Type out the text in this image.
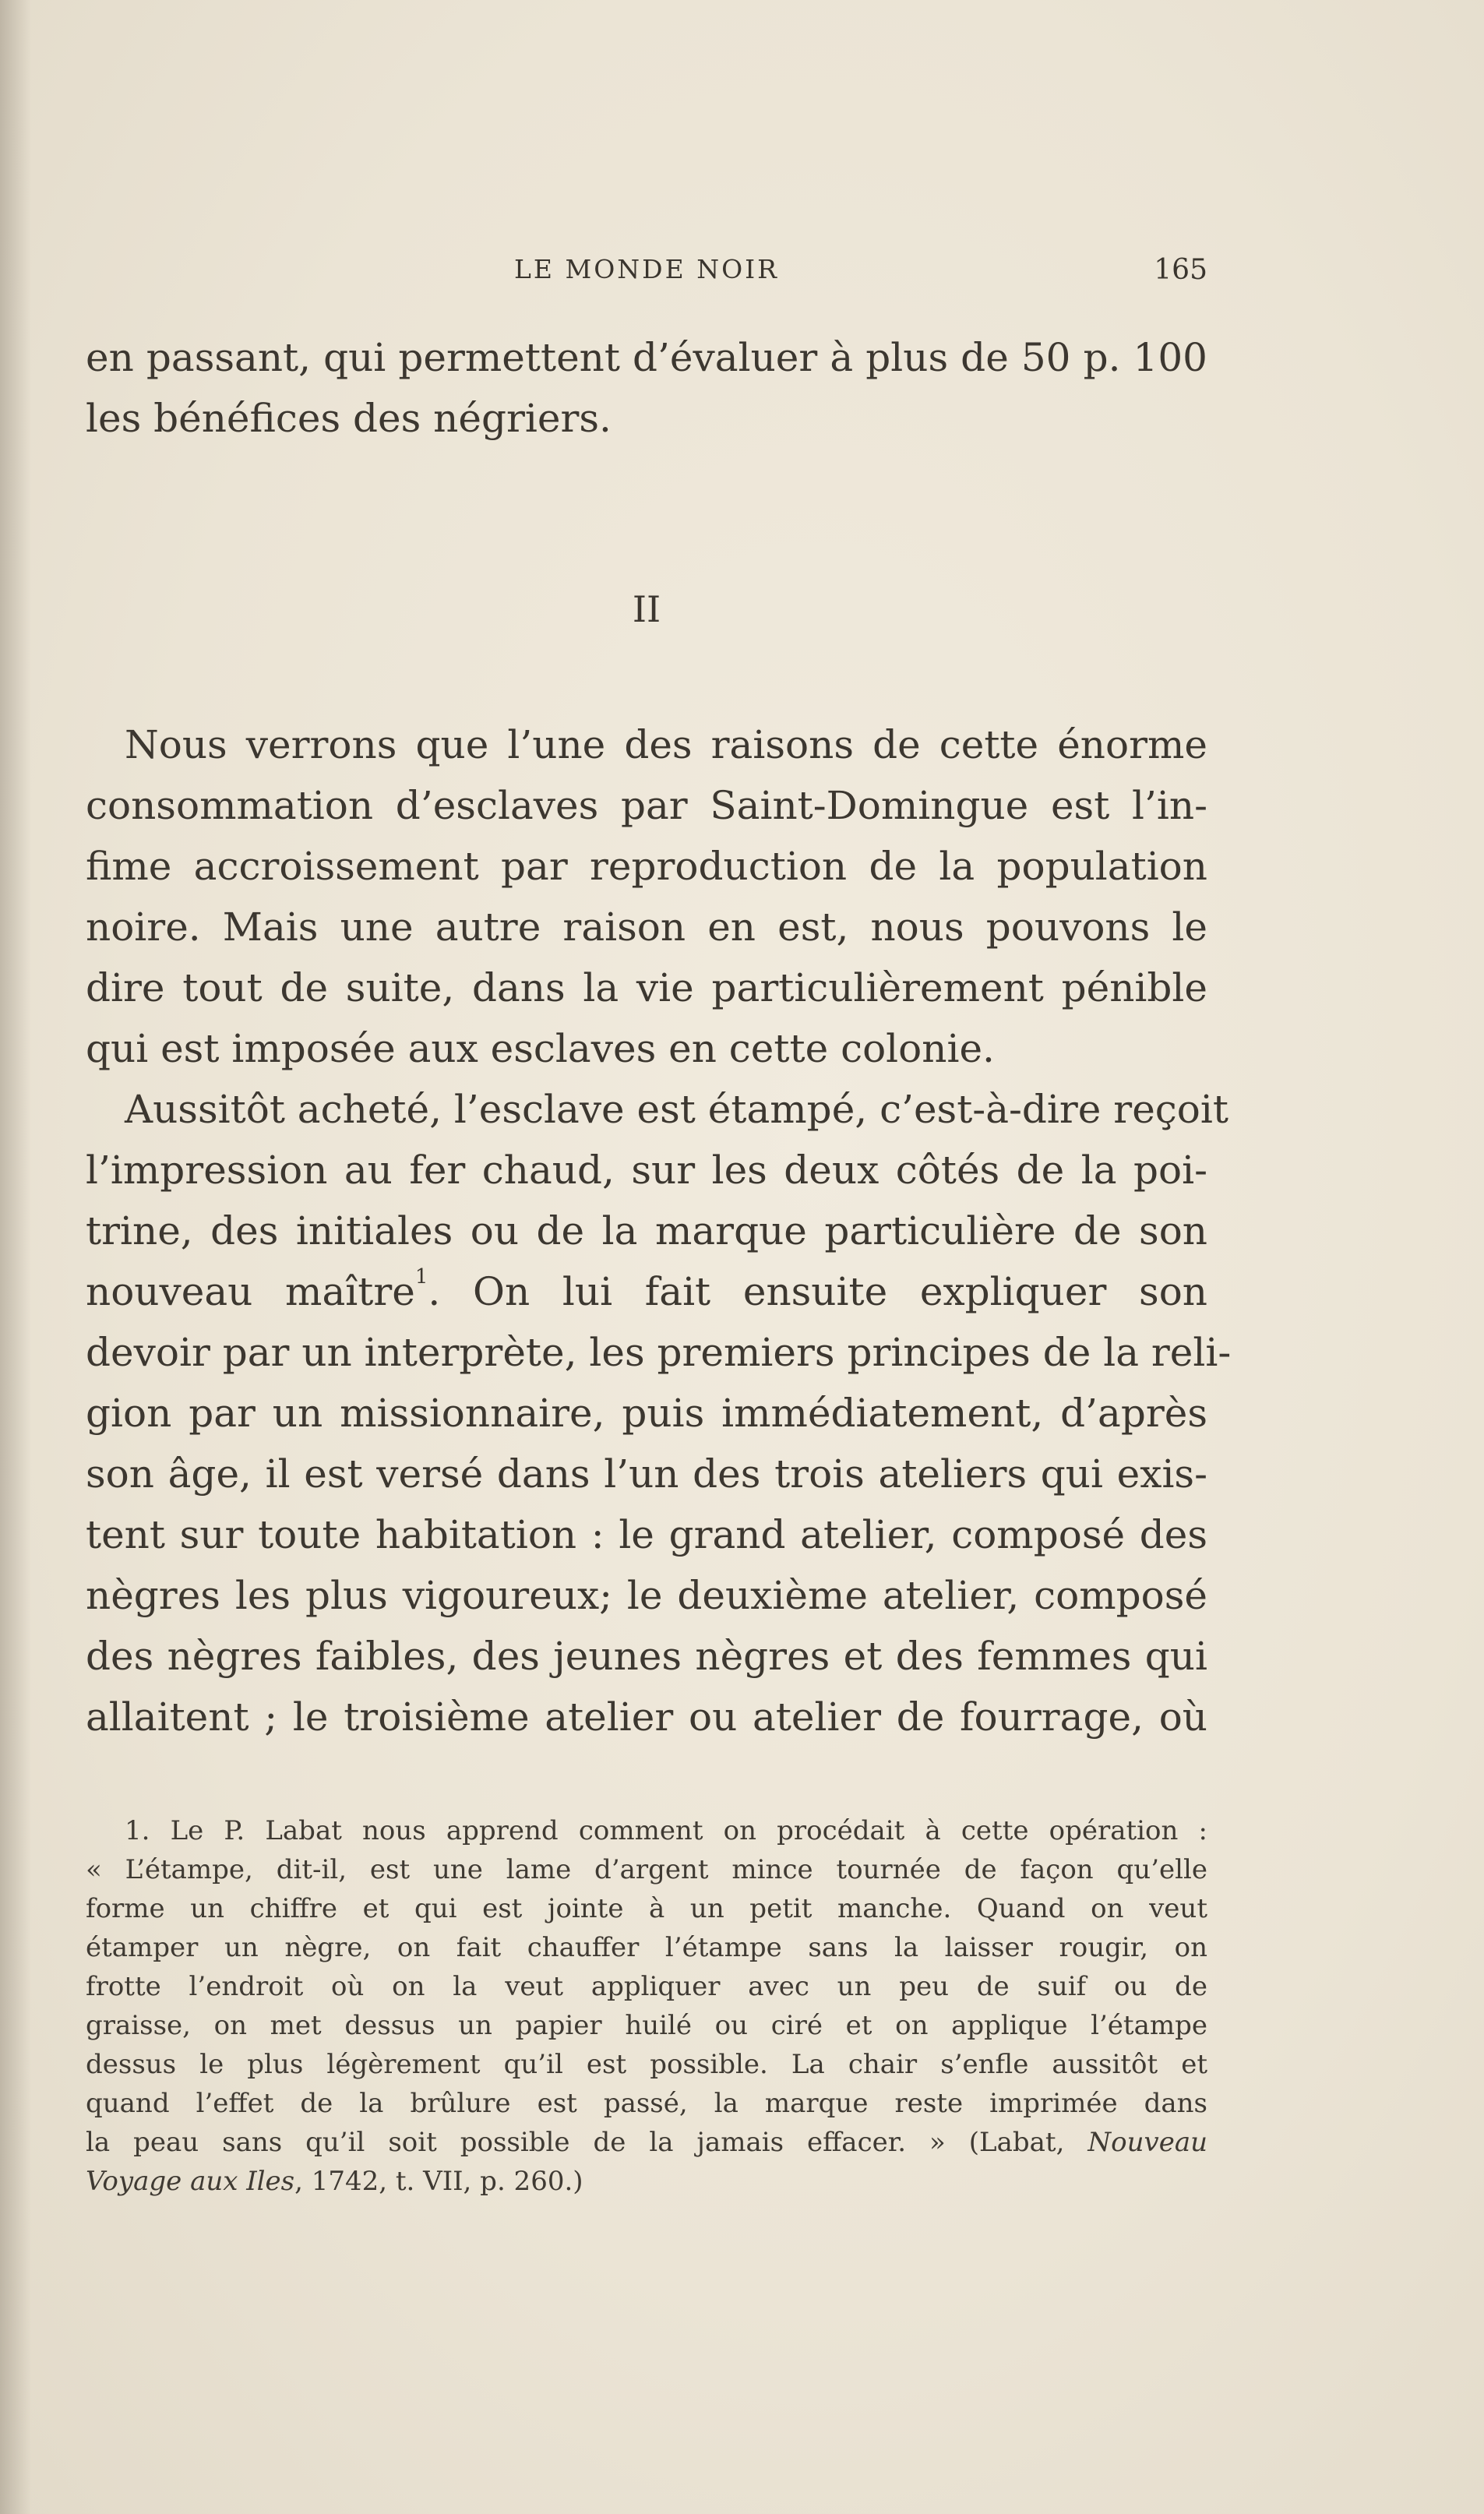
LE MONDE NOIR	165
en passant, qui permettent d’évaluer à plus de 50 p. 100
les bénéfices des négriers.
II
Nous verrons que l’une des raisons de cette énorme
consommation d’esclaves par Saint-Domingue est l’in-
fime accroissement par reproduction de la population
noire. Mais une autre raison en est, nous pouvons le
dire tout de suite, dans la vie particulièrement pénible
qui est imposée aux esclaves en cette colonie.
Aussitôt acheté, l’esclave est étampé, c’est-à-dire reçoit
l’impression au fer chaud, sur les deux côtés de la poi-
trine, des initiales ou de la marque particulière de son
nouveau maître$^1$. On lui fait ensuite expliquer son
devoir par un interprète, les premiers principes de la reli-
gion par un missionnaire, puis immédiatement, d’après
son âge, il est versé dans l’un des trois ateliers qui exis-
tent sur toute habitation : le grand atelier, composé des
nègres les plus vigoureux; le deuxième atelier, composé
des nègres faibles, des jeunes nègres et des femmes qui
allaitent ; le troisième atelier ou atelier de fourrage, où
1. Le P. Labat nous apprend comment on procédait à cette opération :
« L’étampe, dit-il, est une lame d’argent mince tournée de façon qu’elle
forme un chiffre et qui est jointe à un petit manche. Quand on veut
étamper un nègre, on fait chauffer l’étampe sans la laisser rougir, on
frotte l’endroit où on la veut appliquer avec un peu de suif ou de
graisse, on met dessus un papier huilé ou ciré et on applique l’étampe
dessus le plus légèrement qu’il est possible. La chair s’enfle aussitôt et
quand l’effet de la brûlure est passé, la marque reste imprimée dans
la peau sans qu’il soit possible de la jamais effacer. » (Labat, Nouveau
Voyage aux Iles, 1742, t. VII, p. 260.)
